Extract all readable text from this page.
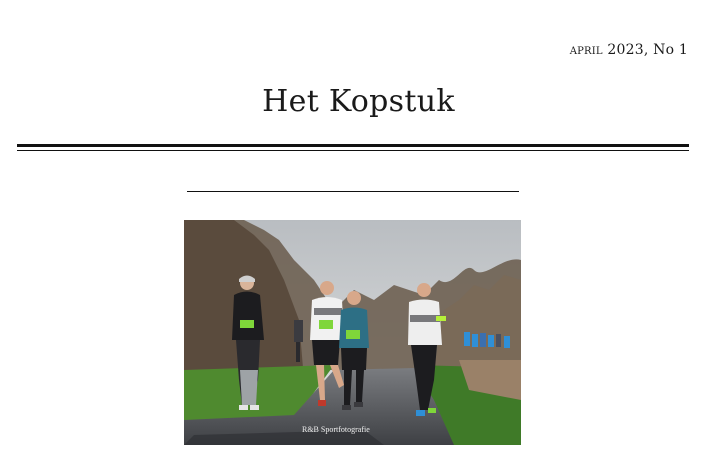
april 2023, No 1
Het Kopstuk
R&B Sportfotografie
